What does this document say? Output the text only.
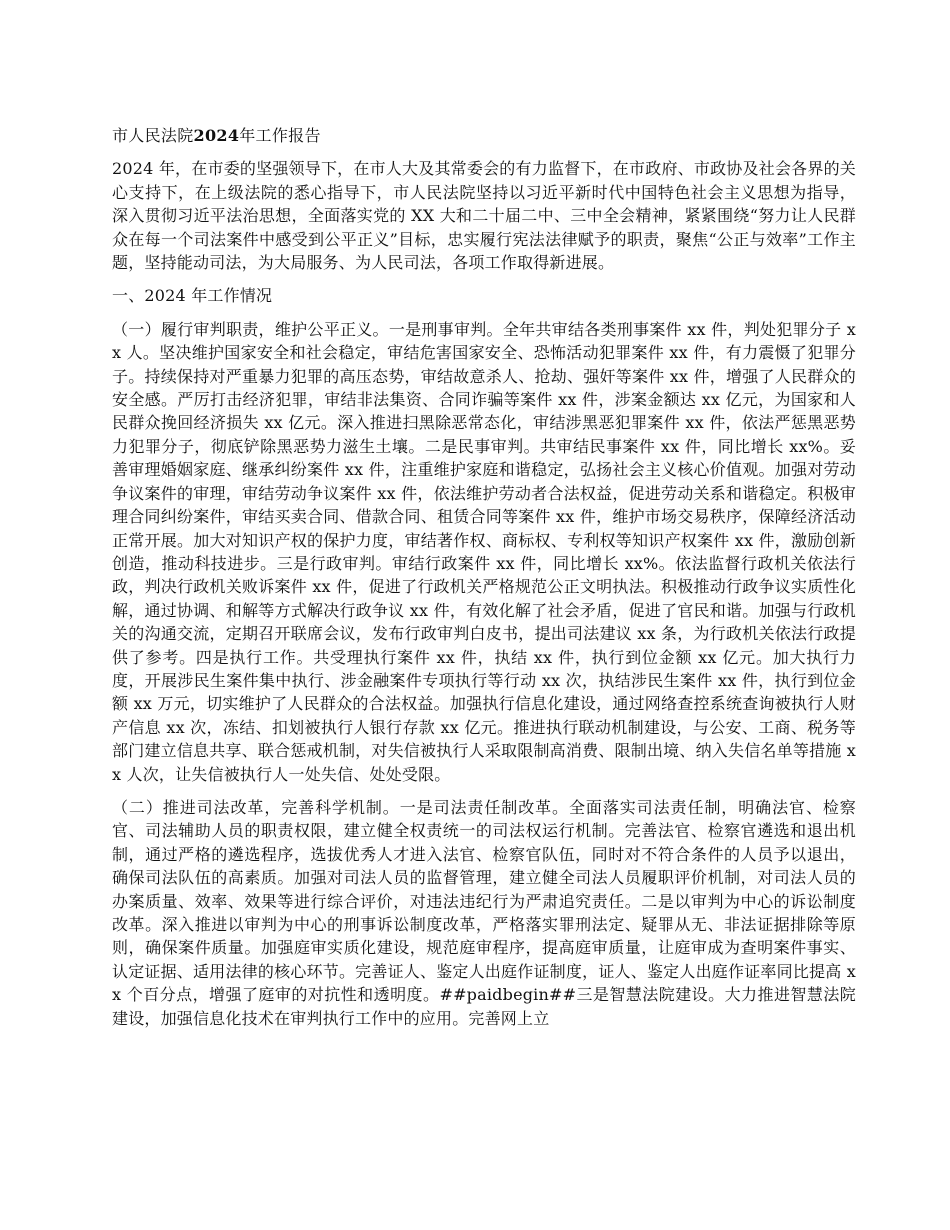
市人民法院2024年工作报告

2024 年，在市委的坚强领导下，在市人大及其常委会的有力监督下，在市政府、市政协及社会各界的关心支持下，在上级法院的悉心指导下，市人民法院坚持以习近平新时代中国特色社会主义思想为指导，深入贯彻习近平法治思想，全面落实党的 XX 大和二十届二中、三中全会精神，紧紧围绕“努力让人民群众在每一个司法案件中感受到公平正义”目标，忠实履行宪法法律赋予的职责，聚焦“公正与效率”工作主题，坚持能动司法，为大局服务、为人民司法，各项工作取得新进展。

一、2024 年工作情况

（一）履行审判职责，维护公平正义。一是刑事审判。全年共审结各类刑事案件 xx 件，判处犯罪分子 xx 人。坚决维护国家安全和社会稳定，审结危害国家安全、恐怖活动犯罪案件 xx 件，有力震慑了犯罪分子。持续保持对严重暴力犯罪的高压态势，审结故意杀人、抢劫、强奸等案件 xx 件，增强了人民群众的安全感。严厉打击经济犯罪，审结非法集资、合同诈骗等案件 xx 件，涉案金额达 xx 亿元，为国家和人民群众挽回经济损失 xx 亿元。深入推进扫黑除恶常态化，审结涉黑恶犯罪案件 xx 件，依法严惩黑恶势力犯罪分子，彻底铲除黑恶势力滋生土壤。二是民事审判。共审结民事案件 xx 件，同比增长 xx%。妥善审理婚姻家庭、继承纠纷案件 xx 件，注重维护家庭和谐稳定，弘扬社会主义核心价值观。加强对劳动争议案件的审理，审结劳动争议案件 xx 件，依法维护劳动者合法权益，促进劳动关系和谐稳定。积极审理合同纠纷案件，审结买卖合同、借款合同、租赁合同等案件 xx 件，维护市场交易秩序，保障经济活动正常开展。加大对知识产权的保护力度，审结著作权、商标权、专利权等知识产权案件 xx 件，激励创新创造，推动科技进步。三是行政审判。审结行政案件 xx 件，同比增长 xx%。依法监督行政机关依法行政，判决行政机关败诉案件 xx 件，促进了行政机关严格规范公正文明执法。积极推动行政争议实质性化解，通过协调、和解等方式解决行政争议 xx 件，有效化解了社会矛盾，促进了官民和谐。加强与行政机关的沟通交流，定期召开联席会议，发布行政审判白皮书，提出司法建议 xx 条，为行政机关依法行政提供了参考。四是执行工作。共受理执行案件 xx 件，执结 xx 件，执行到位金额 xx 亿元。加大执行力度，开展涉民生案件集中执行、涉金融案件专项执行等行动 xx 次，执结涉民生案件 xx 件，执行到位金额 xx 万元，切实维护了人民群众的合法权益。加强执行信息化建设，通过网络查控系统查询被执行人财产信息 xx 次，冻结、扣划被执行人银行存款 xx 亿元。推进执行联动机制建设，与公安、工商、税务等部门建立信息共享、联合惩戒机制，对失信被执行人采取限制高消费、限制出境、纳入失信名单等措施 xx 人次，让失信被执行人一处失信、处处受限。

（二）推进司法改革，完善科学机制。一是司法责任制改革。全面落实司法责任制，明确法官、检察官、司法辅助人员的职责权限，建立健全权责统一的司法权运行机制。完善法官、检察官遴选和退出机制，通过严格的遴选程序，选拔优秀人才进入法官、检察官队伍，同时对不符合条件的人员予以退出，确保司法队伍的高素质。加强对司法人员的监督管理，建立健全司法人员履职评价机制，对司法人员的办案质量、效率、效果等进行综合评价，对违法违纪行为严肃追究责任。二是以审判为中心的诉讼制度改革。深入推进以审判为中心的刑事诉讼制度改革，严格落实罪刑法定、疑罪从无、非法证据排除等原则，确保案件质量。加强庭审实质化建设，规范庭审程序，提高庭审质量，让庭审成为查明案件事实、认定证据、适用法律的核心环节。完善证人、鉴定人出庭作证制度，证人、鉴定人出庭作证率同比提高 xx 个百分点，增强了庭审的对抗性和透明度。##paidbegin##三是智慧法院建设。大力推进智慧法院建设，加强信息化技术在审判执行工作中的应用。完善网上立
